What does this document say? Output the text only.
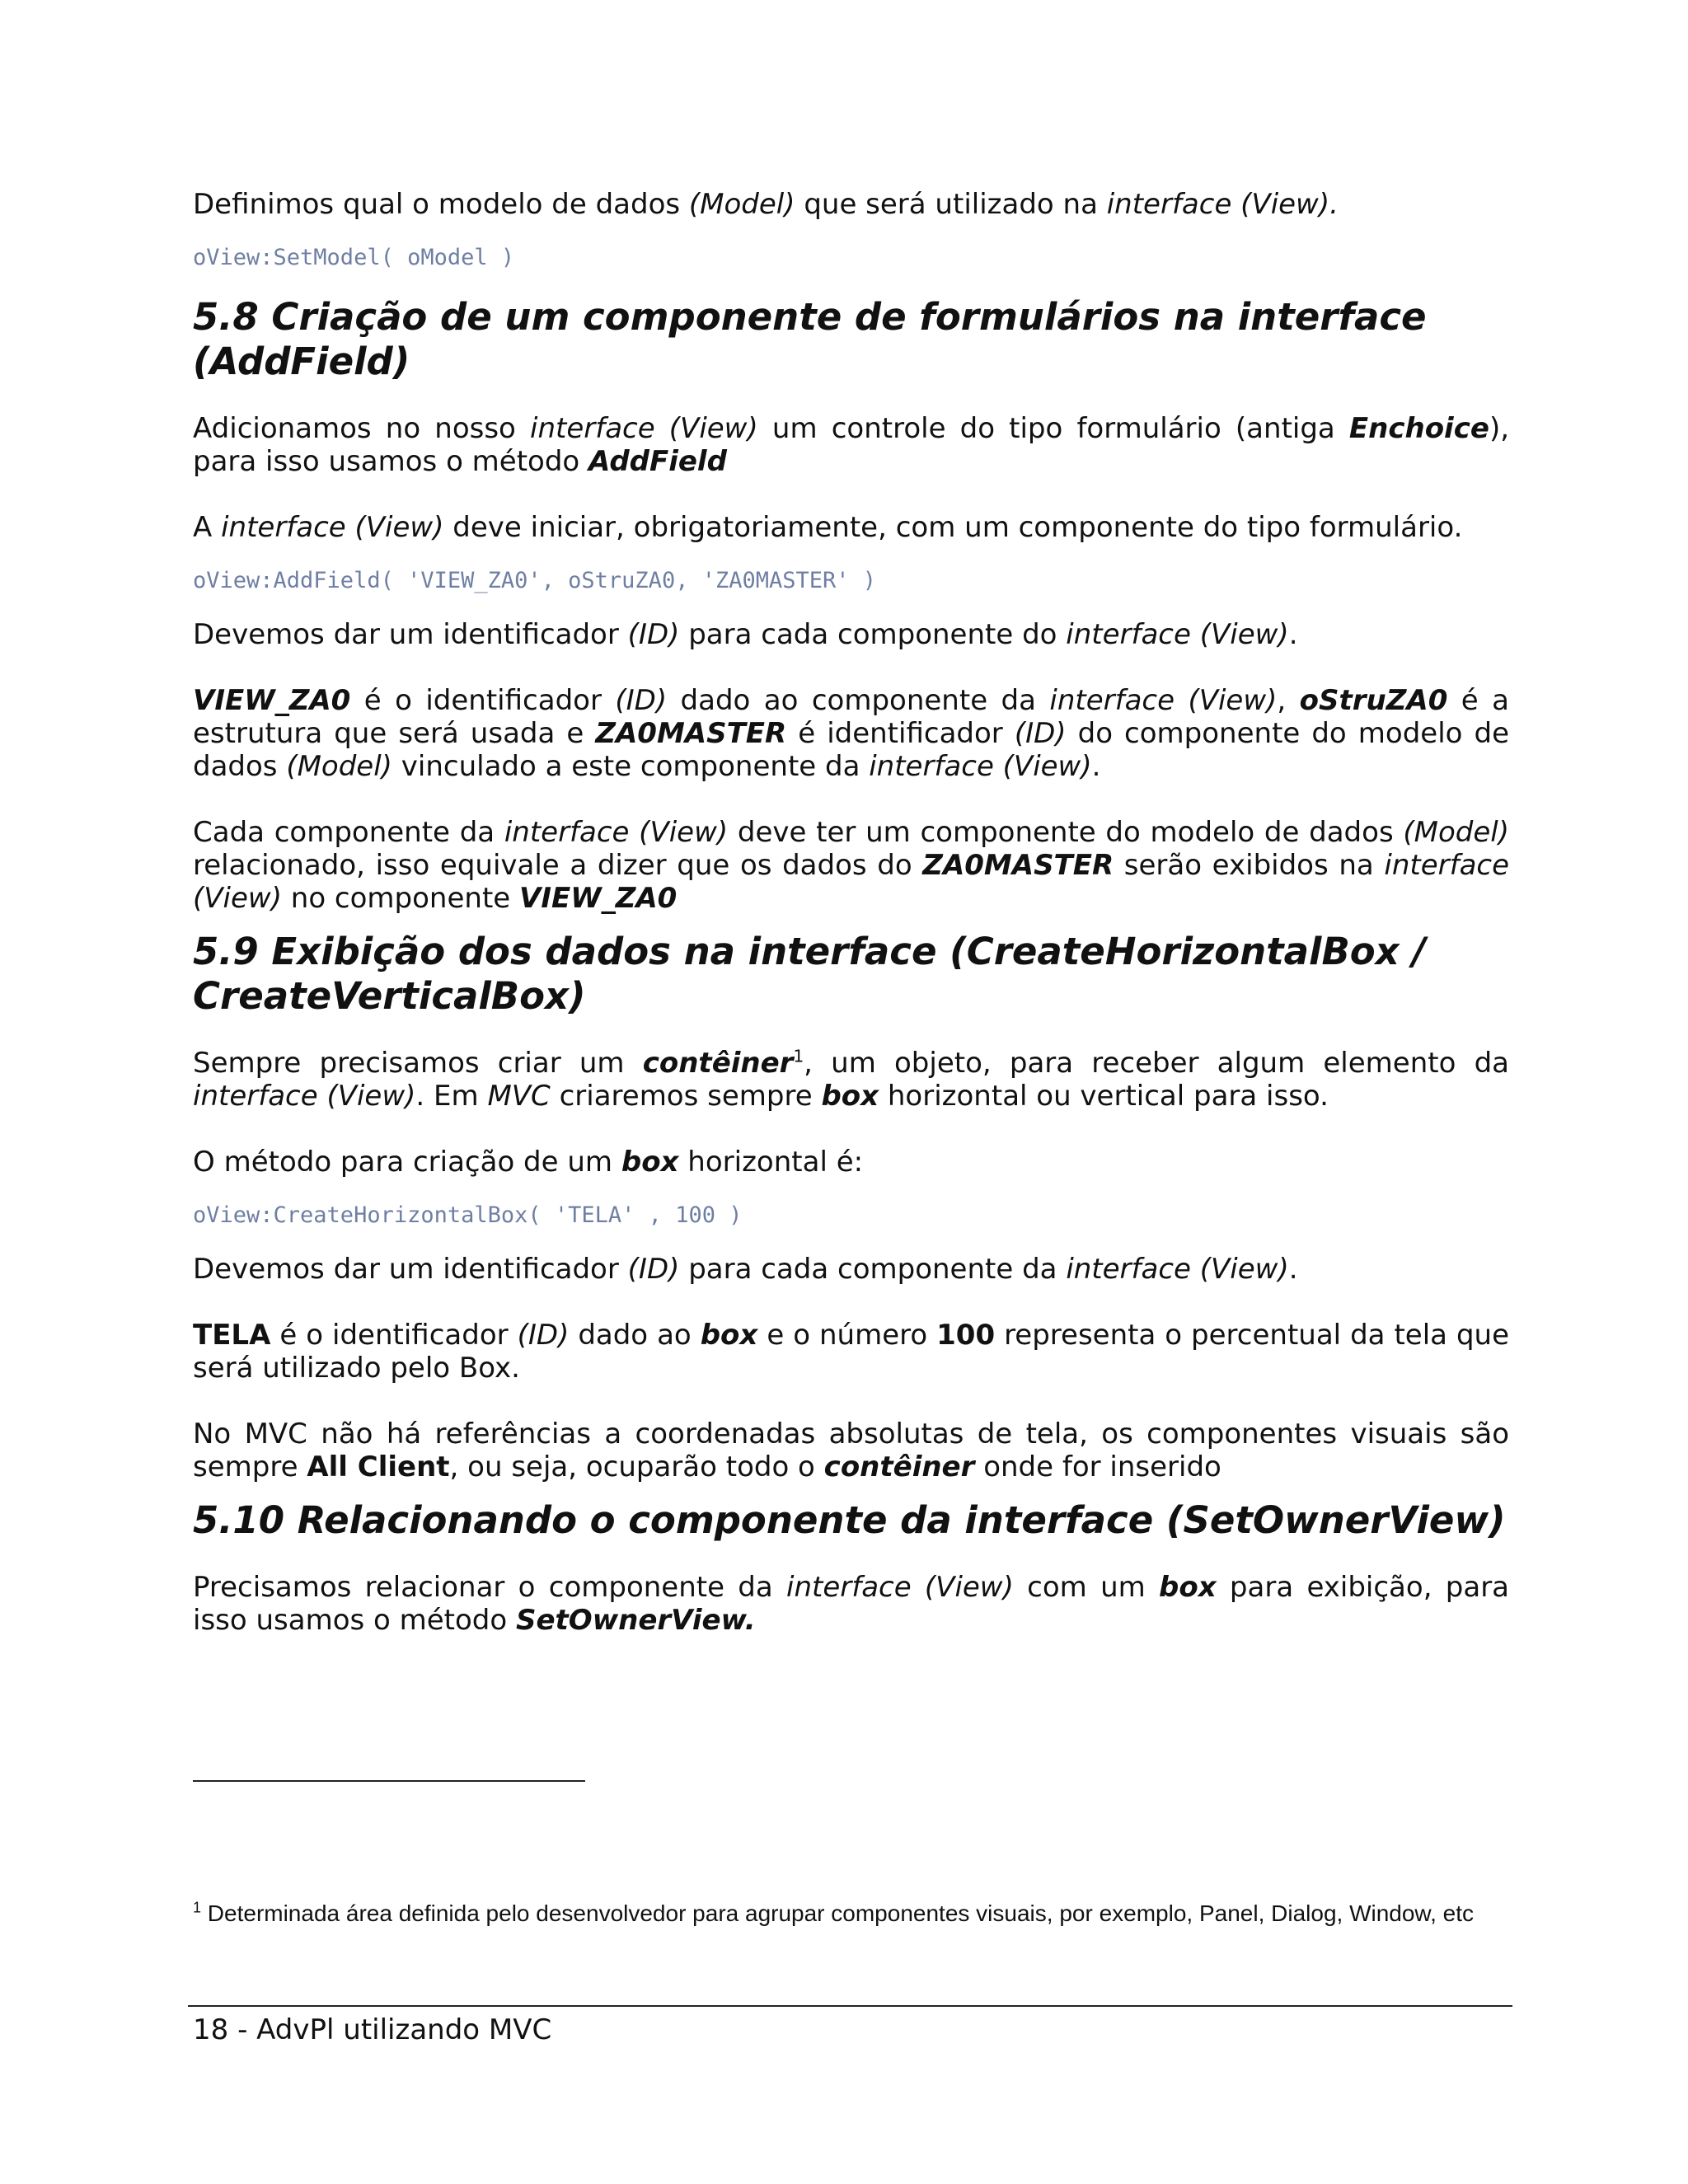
Definimos qual o modelo de dados (Model) que será utilizado na interface (View).

oView:SetModel( oModel )
5.8 Criação de um componente de formulários na interface (AddField)

Adicionamos no nosso interface (View) um controle do tipo formulário (antiga Enchoice), para isso usamos o método AddField

A interface (View) deve iniciar, obrigatoriamente, com um componente do tipo formulário.

oView:AddField( 'VIEW_ZA0', oStruZA0, 'ZA0MASTER' )

Devemos dar um identificador (ID) para cada componente do interface (View).

VIEW_ZA0 é o identificador (ID) dado ao componente da interface (View), oStruZA0 é a estrutura que será usada e ZA0MASTER é identificador (ID) do componente do modelo de dados (Model) vinculado a este componente da interface (View).

Cada componente da interface (View) deve ter um componente do modelo de dados (Model) relacionado, isso equivale a dizer que os dados do ZA0MASTER serão exibidos na interface (View) no componente VIEW_ZA0

5.9 Exibição dos dados na interface (CreateHorizontalBox / CreateVerticalBox)

Sempre precisamos criar um contêiner$^1$, um objeto, para receber algum elemento da interface (View). Em MVC criaremos sempre box horizontal ou vertical para isso.

O método para criação de um box horizontal é:

oView:CreateHorizontalBox( 'TELA' , 100 )

Devemos dar um identificador (ID) para cada componente da interface (View).

TELA é o identificador (ID) dado ao box e o número 100 representa o percentual da tela que será utilizado pelo Box.

No MVC não há referências a coordenadas absolutas de tela, os componentes visuais são sempre All Client, ou seja, ocuparão todo o contêiner onde for inserido

5.10 Relacionando o componente da interface (SetOwnerView)

Precisamos relacionar o componente da interface (View) com um box para exibição, para isso usamos o método SetOwnerView.

$^1$ Determinada área definida pelo desenvolvedor para agrupar componentes visuais, por exemplo, Panel, Dialog, Window, etc
18 - AdvPl utilizando MVC
